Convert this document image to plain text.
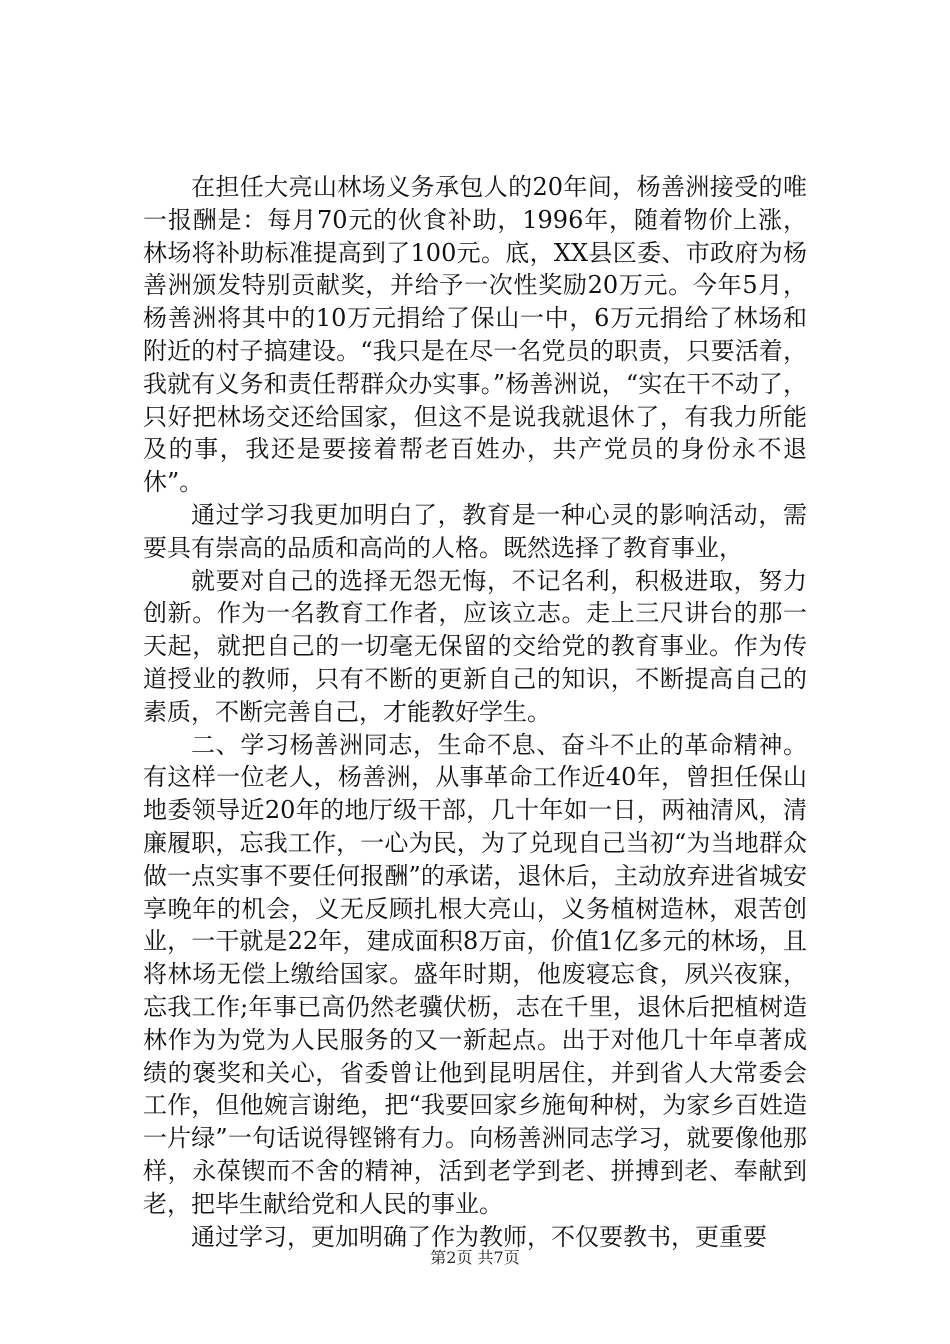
在担任大亮山林场义务承包人的20年间，杨善洲接受的唯一报酬是：每月70元的伙食补助，1996年，随着物价上涨，林场将补助标准提高到了100元。底，XX县区委、市政府为杨善洲颁发特别贡献奖，并给予一次性奖励20万元。今年5月，杨善洲将其中的10万元捐给了保山一中，6万元捐给了林场和附近的村子搞建设。“我只是在尽一名党员的职责，只要活着，我就有义务和责任帮群众办实事。”杨善洲说，“实在干不动了，只好把林场交还给国家，但这不是说我就退休了，有我力所能及的事，我还是要接着帮老百姓办，共产党员的身份永不退休”。

通过学习我更加明白了，教育是一种心灵的影响活动，需要具有崇高的品质和高尚的人格。既然选择了教育事业，

就要对自己的选择无怨无悔，不记名利，积极进取，努力创新。作为一名教育工作者，应该立志。走上三尺讲台的那一天起，就把自己的一切毫无保留的交给党的教育事业。作为传道授业的教师，只有不断的更新自己的知识，不断提高自己的素质，不断完善自己，才能教好学生。

二、学习杨善洲同志，生命不息、奋斗不止的革命精神。有这样一位老人，杨善洲，从事革命工作近40年，曾担任保山地委领导近20年的地厅级干部，几十年如一日，两袖清风，清廉履职，忘我工作，一心为民，为了兑现自己当初“为当地群众做一点实事不要任何报酬”的承诺，退休后，主动放弃进省城安享晚年的机会，义无反顾扎根大亮山，义务植树造林，艰苦创业，一干就是22年，建成面积8万亩，价值1亿多元的林场，且将林场无偿上缴给国家。盛年时期，他废寝忘食，夙兴夜寐，忘我工作;年事已高仍然老骥伏枥，志在千里，退休后把植树造林作为为党为人民服务的又一新起点。出于对他几十年卓著成绩的褒奖和关心，省委曾让他到昆明居住，并到省人大常委会工作，但他婉言谢绝，把“我要回家乡施甸种树，为家乡百姓造一片绿”一句话说得铿锵有力。向杨善洲同志学习，就要像他那样，永葆锲而不舍的精神，活到老学到老、拼搏到老、奉献到老，把毕生献给党和人民的事业。

通过学习，更加明确了作为教师，不仅要教书，更重要

第2页 共7页
